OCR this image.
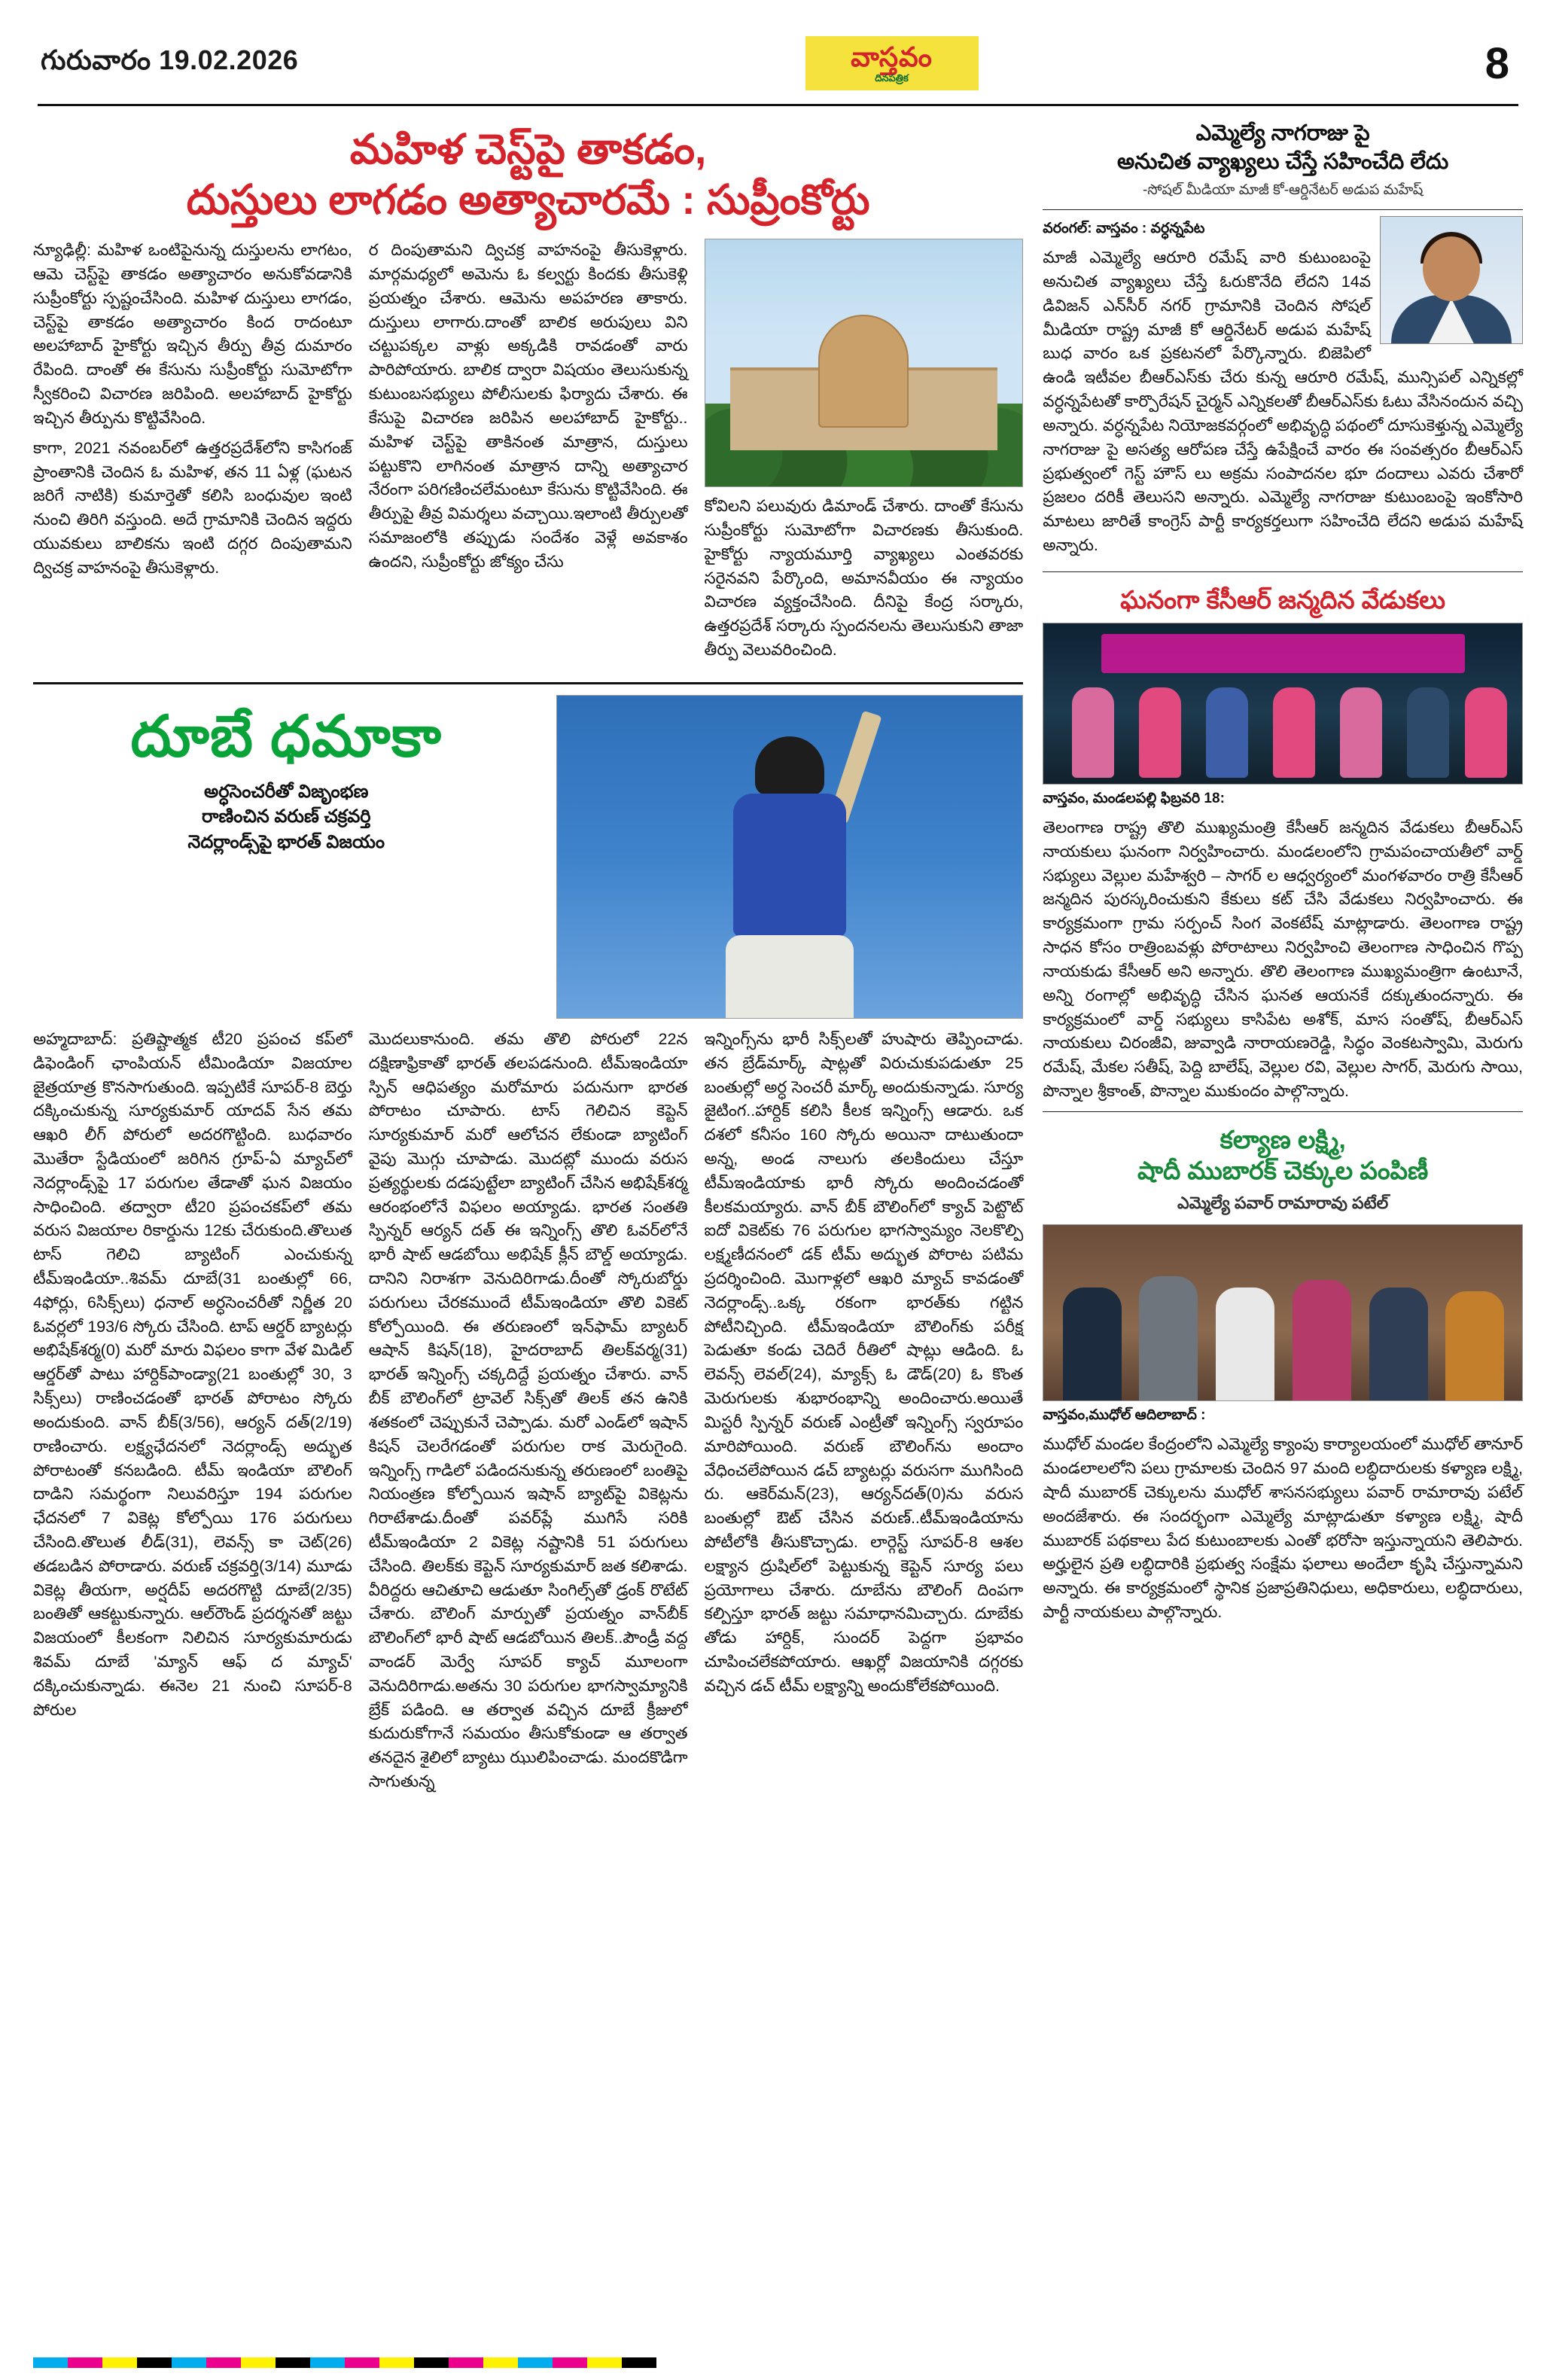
గురువారం 19.02.2026	వాస్తవం
దినపత్రిక	8
మహిళ చెస్ట్‌పై తాకడం,
దుస్తులు లాగడం అత్యాచారమే : సుప్రీంకోర్టు

న్యూఢిల్లీ: మహిళ ఒంటిపైనున్న దుస్తులను లాగటం, ఆమె చెస్ట్‌పై తాకడం అత్యాచారం అనుకోవడానికి సుప్రీంకోర్టు స్పష్టంచేసింది. మహిళ దుస్తులు లాగడం, చెస్ట్‌పై తాకడం అత్యాచారం కింద రాదంటూ అలహాబాద్ హైకోర్టు ఇచ్చిన తీర్పు తీవ్ర దుమారం రేపింది. దాంతో ఈ కేసును సుప్రీంకోర్టు సుమోటోగా స్వీకరించి విచారణ జరిపింది. అలహాబాద్ హైకోర్టు ఇచ్చిన తీర్పును కొట్టివేసింది.

కాగా, 2021 నవంబర్‌లో ఉత్తరప్రదేశ్‌లోని కాసిగంజ్ ప్రాంతానికి చెందిన ఓ మహిళ, తన 11 ఏళ్ల (ఘటన జరిగే నాటికి) కుమార్తెతో కలిసి బంధువుల ఇంటి నుంచి తిరిగి వస్తుంది. అదే గ్రామానికి చెందిన ఇద్దరు యువకులు బాలికను ఇంటి దగ్గర దింపుతామని ద్విచక్ర వాహనంపై తీసుకెళ్లారు.

ర దింపుతామని ద్విచక్ర వాహనంపై తీసుకెళ్లారు. మార్గమధ్యలో అమెను ఓ కల్వర్టు కిందకు తీసుకెళ్లి ప్రయత్నం చేశారు. ఆమెను అపహరణ తాకారు. దుస్తులు లాగారు.దాంతో బాలిక అరుపులు విని చట్టుపక్కల వాళ్లు అక్కడికి రావడంతో వారు పారిపోయారు. బాలిక ద్వారా విషయం తెలుసుకున్న కుటుంబసభ్యులు పోలీసులకు ఫిర్యాదు చేశారు. ఈ కేసుపై విచారణ జరిపిన అలహాబాద్ హైకోర్టు.. మహిళ చెస్ట్‌పై తాకినంత మాత్రాన, దుస్తులు పట్టుకొని లాగినంత మాత్రాన దాన్ని అత్యాచార నేరంగా పరిగణించలేమంటూ కేసును కొట్టివేసింది. ఈ తీర్పుపై తీవ్ర విమర్శలు వచ్చాయి.ఇలాంటి తీర్పులతో సమాజంలోకి తప్పుడు సందేశం వెళ్లే అవకాశం ఉందని, సుప్రీంకోర్టు జోక్యం చేసు

కోవిలని పలువురు డిమాండ్ చేశారు. దాంతో కేసును సుప్రీంకోర్టు సుమోటోగా విచారణకు తీసుకుంది. హైకోర్టు న్యాయమూర్తి వ్యాఖ్యలు ఎంతవరకు సరైనవని పేర్కొంది, అమానవీయం ఈ న్యాయం విచారణ వ్యక్తంచేసింది. దీనిపై కేంద్ర సర్కారు, ఉత్తరప్రదేశ్ సర్కారు స్పందనలను తెలుసుకుని తాజా తీర్పు వెలువరించింది.

దూబే ధమాకా
అర్ధసెంచరీతో విజృంభణ
రాణించిన వరుణ్ చక్రవర్తి
నెదర్లాండ్స్‌పై భారత్ విజయం

అహ్మదాబాద్: ప్రతిష్టాత్మక టీ20 ప్రపంచ కప్‌లో డిఫెండింగ్ ఛాంపియన్ టీమిండియా విజయాల జైత్రయాత్ర కొనసాగుతుంది. ఇప్పటికే సూపర్-8 బెర్తు దక్కించుకున్న సూర్యకుమార్ యాదవ్ సేన తమ ఆఖరి లీగ్ పోరులో అదరగొట్టింది. బుధవారం మొతేరా స్టేడియంలో జరిగిన గ్రూప్-ఏ మ్యాచ్‌లో నెదర్లాండ్స్‌పై 17 పరుగుల తేడాతో ఘన విజయం సాధించింది. తద్వారా టీ20 ప్రపంచకప్‌లో తమ వరుస విజయాల రికార్డును 12కు చేరుకుంది.తొలుత టాస్ గెలిచి బ్యాటింగ్ ఎంచుకున్న టీమ్‌ఇండియా..శివమ్ దూబే(31 బంతుల్లో 66, 4ఫోర్లు, 6సిక్స్‌లు) ధనాల్ అర్ధసెంచరీతో నిర్ణీత 20 ఓవర్లలో 193/6 స్కోరు చేసింది. టాప్ ఆర్డర్ బ్యాటర్లు అభిషేక్‌శర్మ(0) మరో మారు విఫలం కాగా వేళ మిడిల్ ఆర్డర్‌తో పాటు హార్దిక్‌పాండ్యా(21 బంతుల్లో 30, 3 సిక్స్‌లు) రాణించడంతో భారత్ పోరాటం స్కోరు అందుకుంది. వాన్ బీక్(3/56), ఆర్యన్ దత్(2/19) రాణించారు. లక్ష్యఛేదనలో నెదర్లాండ్స్ అద్భుత పోరాటంతో కనబడింది. టీమ్ ఇండియా బౌలింగ్ దాడిని సమర్థంగా నిలువరిస్తూ 194 పరుగుల ఛేదనలో 7 వికెట్ల కోల్పోయి 176 పరుగులు చేసింది.తొలుత లీడ్(31), లెవన్స్ కా చెట్(26) తడబడిన పోరాడారు. వరుణ్ చక్రవర్తి(3/14) మూడు వికెట్ల తీయగా, అర్షదీప్ అదరగొట్టి దూబే(2/35) బంతితో ఆకట్టుకున్నారు. ఆల్‌రౌండ్ ప్రదర్శనతో జట్టు విజయంలో కీలకంగా నిలిచిన సూర్యకుమారుడు శివమ్ దూబే 'మ్యాన్ ఆఫ్ ద మ్యాచ్' దక్కించుకున్నాడు. ఈనెల 21 నుంచి సూపర్-8 పోరుల

మొదలుకానుంది. తమ తొలి పోరులో 22న దక్షిణాఫ్రికాతో భారత్ తలపడనుంది. టీమ్‌ఇండియా స్పిన్ ఆధిపత్యం మరోమారు పదునుగా భారత పోరాటం చూపారు. టాస్ గెలిచిన కెప్టెన్ సూర్యకుమార్ మరో ఆలోచన లేకుండా బ్యాటింగ్ వైపు మొగ్గు చూపాడు. మొదట్లో ముందు వరుస ప్రత్యర్థులకు దడపుట్టేలా బ్యాటింగ్ చేసిన అభిషేక్‌శర్మ ఆరంభంలోనే విఫలం అయ్యాడు. భారత సంతతి స్పిన్నర్ ఆర్యన్ దత్ ఈ ఇన్నింగ్స్ తొలి ఓవర్‌లోనే భారీ షాట్ ఆడబోయి అభిషేక్ క్లీన్ బౌల్డ్ అయ్యాడు. దానిని నిరాశగా వెనుదిరిగాడు.దీంతో స్కోరుబోర్డు పరుగులు చేరకముందే టీమ్‌ఇండియా తొలి వికెట్ కోల్పోయింది. ఈ తరుణంలో ఇన్‌ఫామ్ బ్యాటర్ ఆషాన్ కిషన్(18), హైదరాబాద్ తిలక్‌వర్మ(31) భారత్ ఇన్నింగ్స్ చక్కదిద్దే ప్రయత్నం చేశారు. వాన్ బీక్ బౌలింగ్‌లో ట్రావెల్ సిక్స్‌తో తిలక్ తన ఉనికి శతకంలో చెప్పుకునే చెప్పాడు. మరో ఎండ్‌లో ఇషాన్ కిషన్ చెలరేగడంతో పరుగుల రాక మెరుగైంది. ఇన్నింగ్స్ గాడిలో పడిందనుకున్న తరుణంలో బంతిపై నియంత్రణ కోల్పోయిన ఇషాన్ బ్యాట్‌పై వికెట్లను గిరాటేశాడు.దీంతో పవర్‌ప్లే ముగిసే సరికి టీమ్‌ఇండియా 2 వికెట్ల నష్టానికి 51 పరుగులు చేసింది. తిలక్‌కు కెప్టెన్ సూర్యకుమార్ జత కలిశాడు. వీరిద్దరు ఆచితూచి ఆడుతూ సింగిల్స్‌తో డ్రంక్ రొటేట్ చేశారు. బౌలింగ్ మార్పుతో ప్రయత్నం వాన్‌బీక్ బౌలింగ్‌లో భారీ షాట్ ఆడబోయిన తిలక్..పౌండ్రీ వద్ద వాండర్ మెర్వే సూపర్ క్యాచ్ మూలంగా వెనుదిరిగాడు.అతను 30 పరుగుల భాగస్వామ్యానికి బ్రేక్ పడింది. ఆ తర్వాత వచ్చిన దూబే క్రీజులో కుదురుకోగానే సమయం తీసుకోకుండా ఆ తర్వాత తనదైన శైలిలో బ్యాటు ఝులిపించాడు. మందకొడిగా సాగుతున్న

ఇన్నింగ్స్‌ను భారీ సిక్స్‌లతో హుషారు తెప్పించాడు. తన బ్రేడ్‌మార్క్ షాట్లతో విరుచుకుపడుతూ 25 బంతుల్లో అర్ధ సెంచరీ మార్క్ అందుకున్నాడు. సూర్య జైటింగ..హార్దిక్ కలిసి కీలక ఇన్నింగ్స్ ఆడారు. ఒక దశలో కనీసం 160 స్కోరు అయినా దాటుతుందా అన్న, అండ నాలుగు తలకిందులు చేస్తూ టీమ్‌ఇండియాకు భారీ స్కోరు అందించడంతో కీలకమయ్యారు. వాన్ బీక్ బౌలింగ్‌లో క్యాచ్ పెట్టొట్ ఐదో వికెట్‌కు 76 పరుగుల భాగస్వామ్యం నెలకొల్పి లక్ష్మణీదనంలో డక్ టీమ్ అద్భుత పోరాట పటిమ ప్రదర్శించింది. మొగాళ్లలో ఆఖరి మ్యాచ్ కావడంతో నెదర్లాండ్స్..ఒక్క రకంగా భారత్‌కు గట్టిన పోటీనిచ్చింది. టీమ్‌ఇండియా బౌలింగ్‌కు పరీక్ష పెడుతూ కండు చెదిరే రీతిలో షాట్లు ఆడింది. ఓ లెవన్స్ లెవల్(24), మ్యాక్స్ ఓ డౌడ్(20) ఓ కొంత మెరుగులకు శుభారంభాన్ని అందించారు.అయితే మిస్టరీ స్పిన్నర్ వరుణ్ ఎంట్రీతో ఇన్నింగ్స్ స్వరూపం మారిపోయింది. వరుణ్ బౌలింగ్‌ను అందాం వేధించలేపోయిన డచ్ బ్యాటర్లు వరుసగా ముగిసింది రు. ఆకెర్‌మన్(23), ఆర్యన్‌దత్(0)ను వరుస బంతుల్లో ఔట్ చేసిన వరుణ్..టీమ్‌ఇండియాను పోటీలోకి తీసుకొచ్చాడు. లార్గెస్ట్ సూపర్-8 ఆశల లక్ష్యాన ద్రుషిల్‌లో పెట్టుకున్న కెప్టెన్ సూర్య పలు ప్రయోగాలు చేశారు. దూబేను బౌలింగ్ దింపగా కల్పిస్తూ భారత్ జట్టు సమాధానమిచ్చారు. దూబేకు తోడు హార్దిక్, సుందర్ పెద్దగా ప్రభావం చూపించలేకపోయారు. ఆఖర్లో విజయానికి దగ్గరకు వచ్చిన డచ్ టీమ్ లక్ష్యాన్ని అందుకోలేకపోయింది.

ఎమ్మెల్యే నాగరాజు పై
అనుచిత వ్యాఖ్యలు చేస్తే సహించేది లేదు
-సోషల్ మీడియా మాజీ కో-ఆర్డినేటర్ అడుప మహేష్

వరంగల్: వాస్తవం : వర్ధన్నపేట

మాజీ ఎమ్మెల్యే ఆరూరి రమేష్ వారి కుటుంబంపై అనుచిత వ్యాఖ్యలు చేస్తే ఓరుకొనేది లేదని 14వ డివిజన్ ఎన్‌సీర్ నగర్ గ్రామానికి చెందిన సోషల్ మీడియా రాష్ట్ర మాజీ కో ఆర్డినేటర్ అడుప మహేష్ బుధ వారం ఒక ప్రకటనలో పేర్కొన్నారు. బిజెపిలో ఉండి ఇటీవల బీఆర్ఎస్‌కు చేరు కున్న ఆరూరి రమేష్, మున్సిపల్ ఎన్నికల్లో వర్ధన్నపేటతో కార్పొరేషన్ చైర్మన్ ఎన్నికలతో బీఆర్ఎస్‌కు ఓటు వేసినందున వచ్చి అన్నారు. వర్ధన్నపేట నియోజకవర్గంలో అభివృద్ధి పథంలో దూసుకెళ్తున్న ఎమ్మెల్యే నాగరాజు పై అసత్య ఆరోపణ చేస్తే ఉపేక్షించే వారం ఈ సంవత్సరం బీఆర్ఎస్ ప్రభుత్వంలో గెస్ట్ హౌస్ లు అక్రమ సంపాదనల భూ దందాలు ఎవరు చేశారో ప్రజలం దరికీ తెలుసని అన్నారు. ఎమ్మెల్యే నాగరాజు కుటుంబంపై ఇంకోసారి మాటలు జారితే కాంగ్రెస్ పార్టీ కార్యకర్తలుగా సహించేది లేదని అడుప మహేష్ అన్నారు.

ఘనంగా కేసీఆర్ జన్మదిన వేడుకలు
వాస్తవం, మండలపల్లి ఫిబ్రవరి 18:

తెలంగాణ రాష్ట్ర తొలి ముఖ్యమంత్రి కేసీఆర్ జన్మదిన వేడుకలు బీఆర్ఎస్ నాయకులు ఘనంగా నిర్వహించారు. మండలంలోని గ్రామపంచాయతీలో వార్డ్ సభ్యులు వెల్లుల మహేశ్వరి – సాగర్ ల ఆధ్వర్యంలో మంగళవారం రాత్రి కేసీఆర్ జన్మదిన పురస్కరించుకుని కేకులు కట్ చేసి వేడుకలు నిర్వహించారు. ఈ కార్యక్రమంగా గ్రామ సర్పంచ్ సింగ వెంకటేష్ మాట్లాడారు. తెలంగాణ రాష్ట్ర సాధన కోసం రాత్రింబవళ్లు పోరాటాలు నిర్వహించి తెలంగాణ సాధించిన గొప్ప నాయకుడు కేసీఆర్ అని అన్నారు. తొలి తెలంగాణ ముఖ్యమంత్రిగా ఉంటూనే, అన్ని రంగాల్లో అభివృద్ధి చేసిన ఘనత ఆయనకే దక్కుతుందన్నారు. ఈ కార్యక్రమంలో వార్డ్ సభ్యులు కాసిపేట అశోక్, మాస సంతోష్, బీఆర్ఎస్ నాయకులు చిరంజీవి, జువ్వాడి నారాయణరెడ్డి, సిద్ధం వెంకటస్వామి, మెరుగు రమేష్, మేకల సతీష్, పెద్ది బాలేష్, వెల్లుల రవి, వెల్లుల సాగర్, మెరుగు సాయి, పొన్నాల శ్రీకాంత్, పొన్నాల ముకుందం పాల్గొన్నారు.

కల్యాణ లక్ష్మి,
షాదీ ముబారక్ చెక్కుల పంపిణీ
ఎమ్మెల్యే పవార్ రామారావు పటేల్
వాస్తవం,ముధోల్ ఆదిలాబాద్ :

ముధోల్ మండల కేంద్రంలోని ఎమ్మెల్యే క్యాంపు కార్యాలయంలో ముధోల్ తానూర్ మండలాలలోని పలు గ్రామాలకు చెందిన 97 మంది లబ్ధిదారులకు కళ్యాణ లక్ష్మి, షాదీ ముబారక్ చెక్కులను ముధోల్ శాసనసభ్యులు పవార్ రామారావు పటేల్ అందజేశారు. ఈ సందర్భంగా ఎమ్మెల్యే మాట్లాడుతూ కళ్యాణ లక్ష్మి, షాదీ ముబారక్ పథకాలు పేద కుటుంబాలకు ఎంతో భరోసా ఇస్తున్నాయని తెలిపారు. అర్హులైన ప్రతి లబ్ధిదారికి ప్రభుత్వ సంక్షేమ ఫలాలు అందేలా కృషి చేస్తున్నామని అన్నారు. ఈ కార్యక్రమంలో స్థానిక ప్రజాప్రతినిధులు, అధికారులు, లబ్ధిదారులు, పార్టీ నాయకులు పాల్గొన్నారు.
